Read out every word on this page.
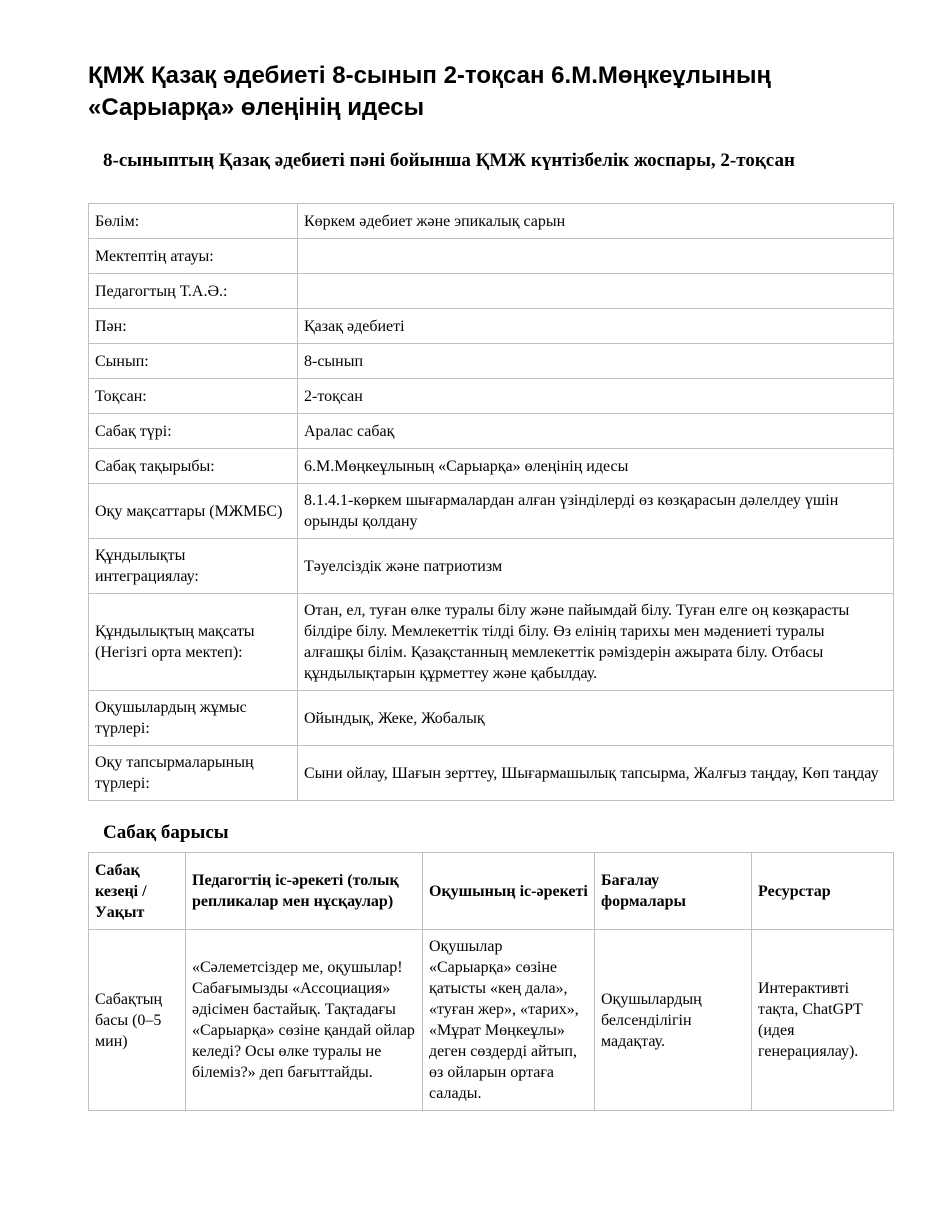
ҚМЖ Қазақ әдебиеті 8-сынып 2-тоқсан 6.М.Мөңкеұлының «Сарыарқа» өлеңінің идесы
8-сыныптың Қазақ әдебиеті пәні бойынша ҚМЖ күнтізбелік жоспары, 2-тоқсан
Бөлім:	Көркем әдебиет және эпикалық сарын
Мектептің атауы:	
Педагогтың Т.А.Ә.:	
Пән:	Қазақ әдебиеті
Сынып:	8-сынып
Тоқсан:	2-тоқсан
Сабақ түрі:	Аралас сабақ
Сабақ тақырыбы:	6.М.Мөңкеұлының «Сарыарқа» өлеңінің идесы
Оқу мақсаттары (МЖМБС)	8.1.4.1-көркем шығармалардан алған үзінділерді өз көзқарасын дәлелдеу үшін орынды қолдану
Құндылықты интеграциялау:	Тәуелсіздік және патриотизм
Құндылықтың мақсаты (Негізгі орта мектеп):	Отан, ел, туған өлке туралы білу және пайымдай білу. Туған елге оң көзқарасты білдіре білу. Мемлекеттік тілді білу. Өз елінің тарихы мен мәдениеті туралы алғашқы білім. Қазақстанның мемлекеттік рәміздерін ажырата білу. Отбасы құндылықтарын құрметтеу және қабылдау.
Оқушылардың жұмыс түрлері:	Ойындық, Жеке, Жобалық
Оқу тапсырмаларының түрлері:	Сыни ойлау, Шағын зерттеу, Шығармашылық тапсырма, Жалғыз таңдау, Көп таңдау
Сабақ барысы
Сабақ кезеңі / Уақыт	Педагогтің іс-әрекеті (толық репликалар мен нұсқаулар)	Оқушының іс-әрекеті	Бағалау формалары	Ресурстар
Сабақтың басы (0–5 мин)	«Сәлеметсіздер ме, оқушылар! Сабағымызды «Ассоциация» әдісімен бастайық. Тақтадағы «Сарыарқа» сөзіне қандай ойлар келеді? Осы өлке туралы не білеміз?» деп бағыттайды.	Оқушылар «Сарыарқа» сөзіне қатысты «кең дала», «туған жер», «тарих», «Мұрат Мөңкеұлы» деген сөздерді айтып, өз ойларын ортаға салады.	Оқушылардың белсенділігін мадақтау.	Интерактивті тақта, ChatGPT (идея генерациялау).
